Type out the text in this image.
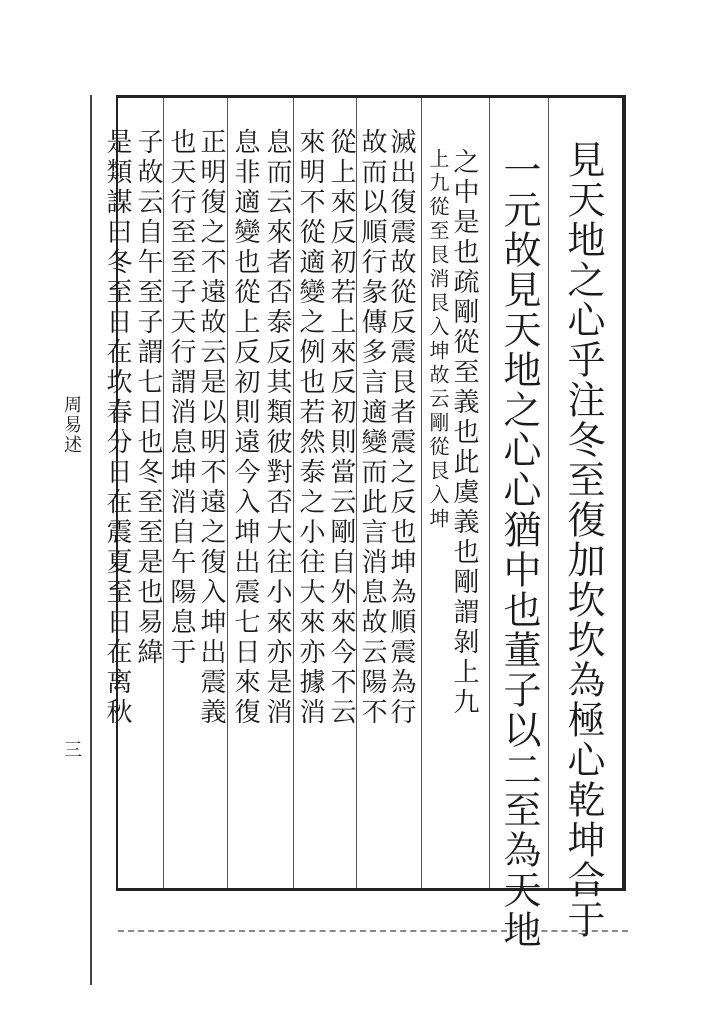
周易述
三	見天地之心乎注冬至復加坎坎為極心乾坤合于
一元故見天地之心心猶中也董子以二至為天地
之中是也疏剛從至義也此虞義也剛謂剝上九
上九從至艮消艮入坤故云剛從艮入坤
滅出復震故從反震艮者震之反也坤為順震為行
故而以順行彖傳多言適變而此言消息故云陽不
從上來反初若上來反初則當云剛自外來今不云
來明不從適變之例也若然泰之小往大來亦據消
息而云來者否泰反其類彼對否大往小來亦是消
息非適變也從上反初則遠今入坤出震七日來復
正明復之不遠故云是以明不遠之復入坤出震義
也天行至至子天行謂消息坤消自午陽息于
子故云自午至子謂七日也冬至至是也易緯
是類謀曰冬至日在坎春分日在震夏至日在离秋
